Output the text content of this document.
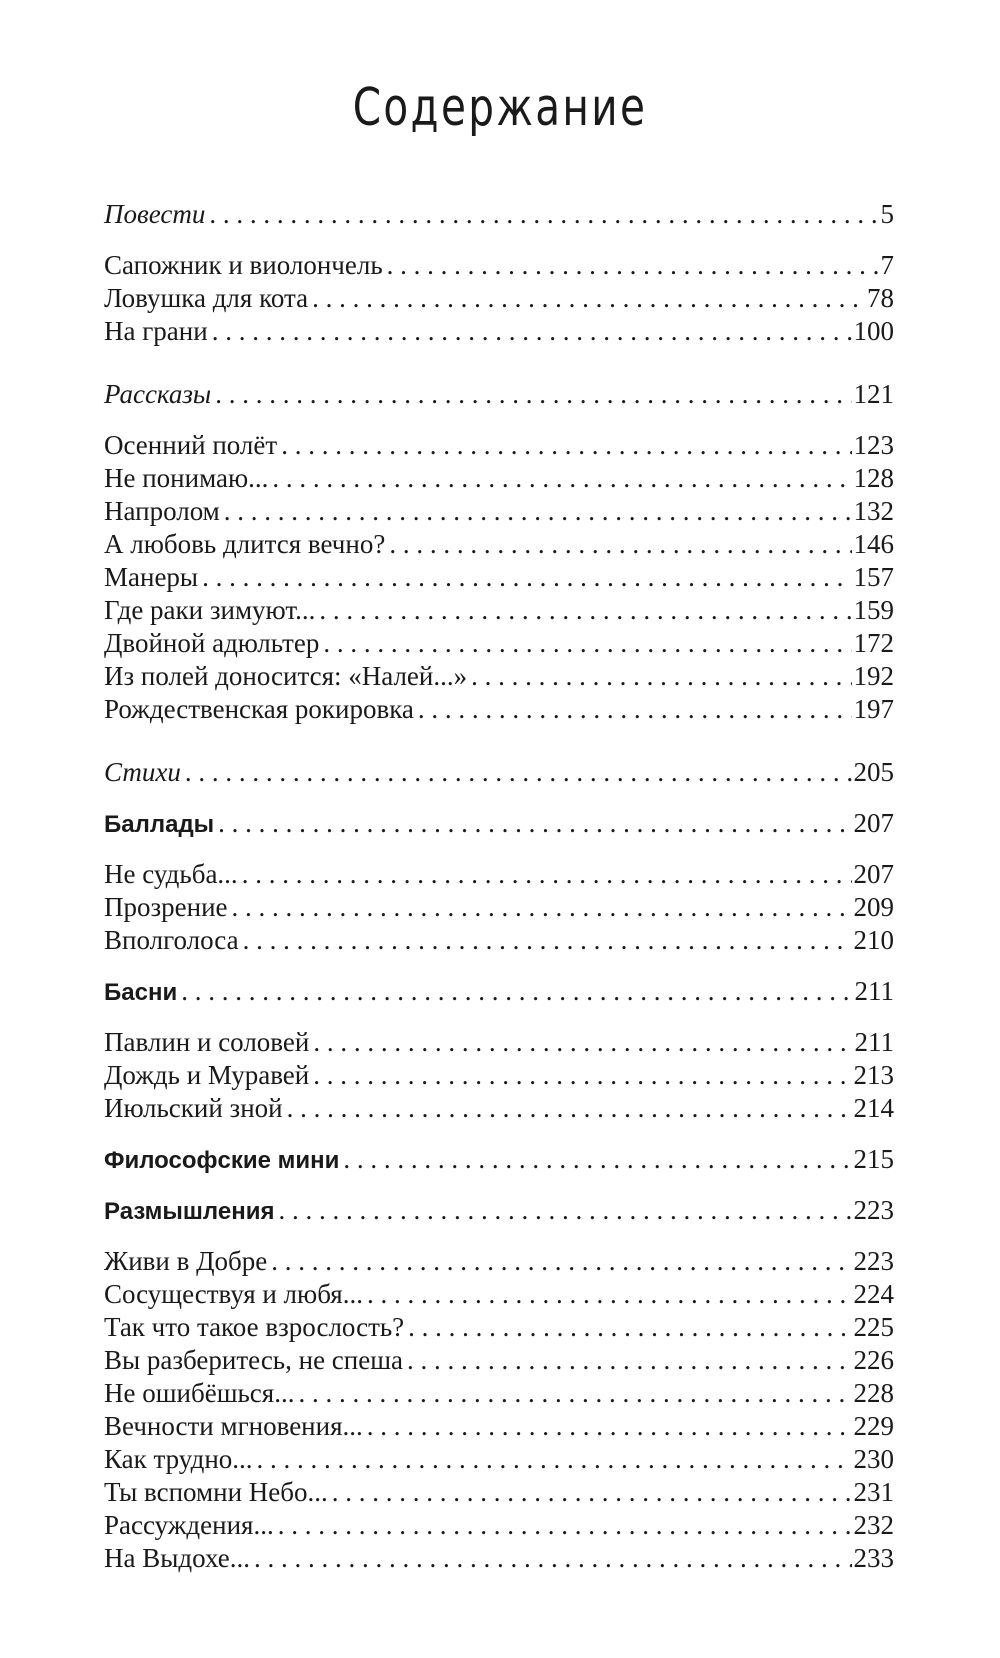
Содержание
Повести . . .	5
Сапожник и виолончель . . .	7
Ловушка для кота . . .	78
На грани . . .	100
Рассказы . . .	121
Осенний полёт . . .	123
Не понимаю... . . .	128
Напролом . . .	132
А любовь длится вечно? . . .	146
Манеры . . .	157
Где раки зимуют... . . .	159
Двойной адюльтер . . .	172
Из полей доносится: «Налей...» . . .	192
Рождественская рокировка . . .	197
Стихи . . .	205
Баллады . . .	207
Не судьба... . . .	207
Прозрение . . .	209
Вполголоса . . .	210
Басни . . .	211
Павлин и соловей . . .	211
Дождь и Муравей . . .	213
Июльский зной . . .	214
Философские мини . . .	215
Размышления . . .	223
Живи в Добре . . .	223
Сосуществуя и любя... . . .	224
Так что такое взрослость? . . .	225
Вы разберитесь, не спеша . . .	226
Не ошибёшься... . . .	228
Вечности мгновения... . . .	229
Как трудно... . . .	230
Ты вспомни Небо... . . .	231
Рассуждения... . . .	232
На Выдохе... . . .	233
